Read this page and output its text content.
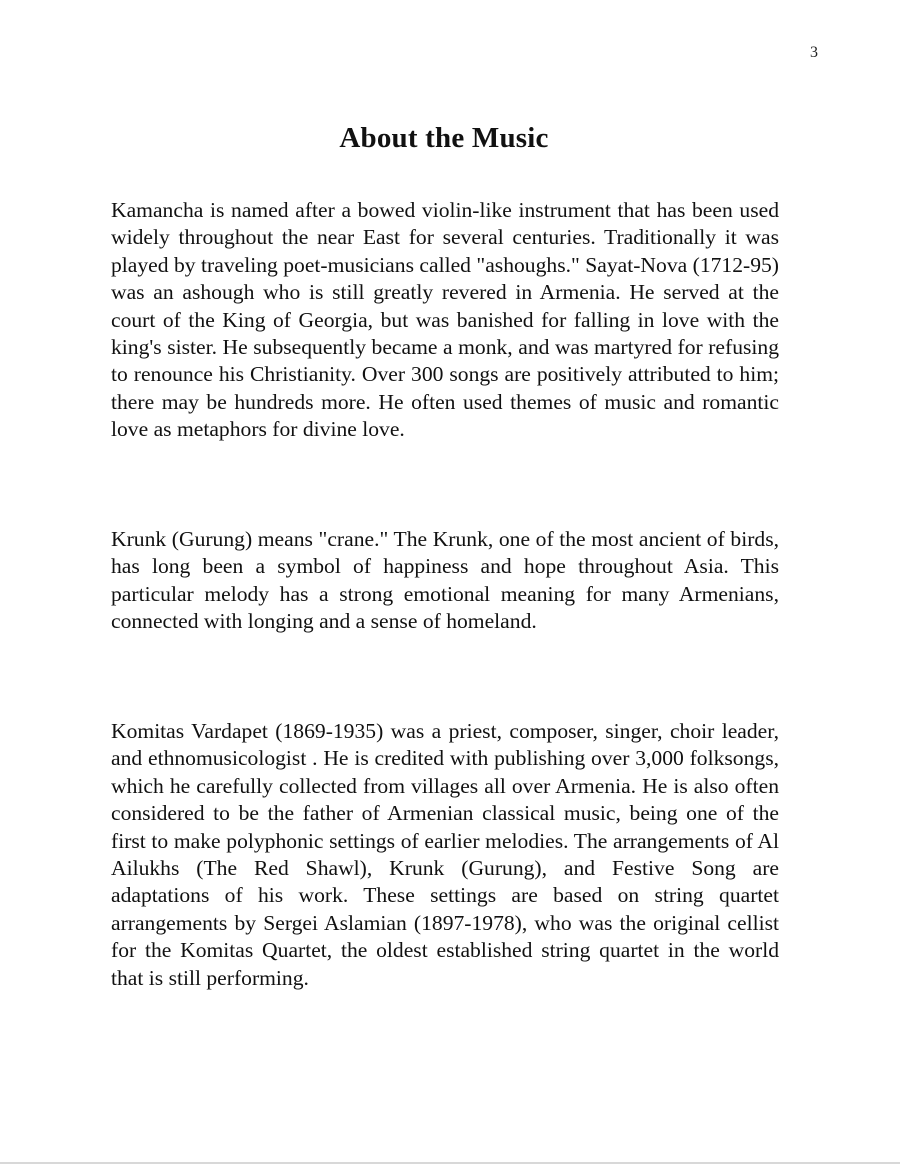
3
About the Music

Kamancha is named after a bowed violin-like instrument that has been used widely throughout the near East for several centuries. Traditionally it was played by traveling poet-musicians called "ashoughs." Sayat-Nova (1712-95) was an ashough who is still greatly revered in Armenia. He served at the court of the King of Georgia, but was banished for falling in love with the king's sister. He subsequently became a monk, and was martyred for refusing to renounce his Christianity. Over 300 songs are positively attributed to him; there may be hundreds more. He often used themes of music and romantic love as metaphors for divine love.

Krunk (Gurung) means "crane." The Krunk, one of the most ancient of birds, has long been a symbol of happiness and hope throughout Asia. This particular melody has a strong emotional meaning for many Armenians, connected with longing and a sense of homeland.

Komitas Vardapet (1869-1935) was a priest, composer, singer, choir leader, and ethnomusicologist . He is credited with publishing over 3,000 folksongs, which he carefully collected from villages all over Armenia. He is also often considered to be the father of Armenian classical music, being one of the first to make polyphonic settings of earlier melodies. The arrangements of Al Ailukhs (The Red Shawl), Krunk (Gurung), and Festive Song are adaptations of his work. These settings are based on string quartet arrangements by Sergei Aslamian (1897-1978), who was the original cellist for the Komitas Quartet, the oldest established string quartet in the world that is still performing.
